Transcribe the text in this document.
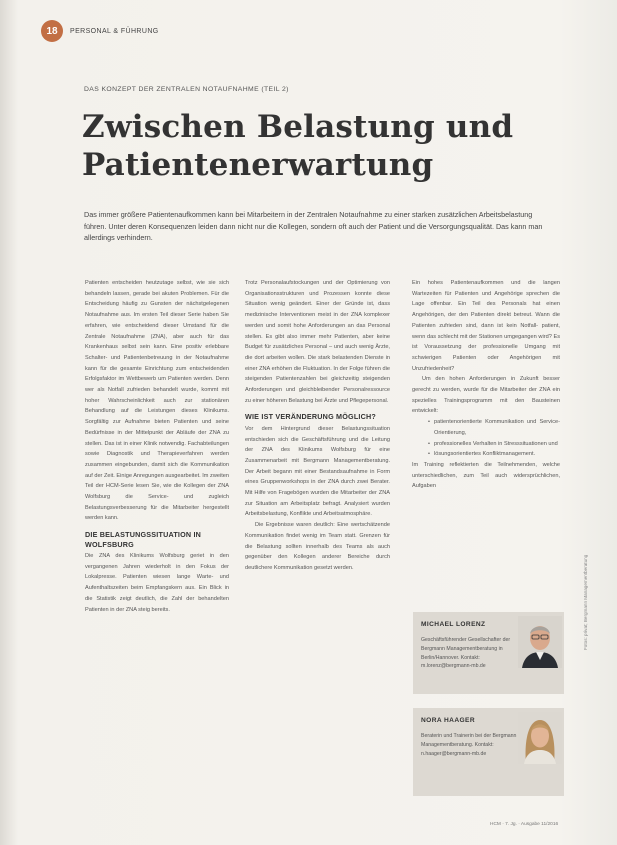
18	PERSONAL & FÜHRUNG
DAS KONZEPT DER ZENTRALEN NOTAUFNAHME (TEIL 2)
Zwischen Belastung und Patientenerwartung

Das immer größere Patientenaufkommen kann bei Mitarbeitern in der Zentralen Notaufnahme zu einer starken zusätzlichen Arbeitsbelastung führen. Unter deren Konsequenzen leiden dann nicht nur die Kollegen, sondern oft auch der Patient und die Versorgungsqualität. Das kann man allerdings verhindern.

Patienten entscheiden heutzutage selbst, wie sie sich behandeln lassen, gerade bei akuten Problemen. Für die Entscheidung häufig zu Gunsten der nächstgelegenen Notaufnahme aus. Im ersten Teil dieser Serie haben Sie erfahren, wie entscheidend dieser Umstand für die Zentrale Notaufnahme (ZNA), aber auch für das Krankenhaus selbst sein kann. Eine positiv erlebbare Schalter- und Patientenbetreuung in der Notaufnahme kann für die gesamte Einrichtung zum entscheidenden Erfolgsfaktor im Wettbewerb um Patienten werden. Denn wer als Notfall zufrieden behandelt wurde, kommt mit hoher Wahrscheinlichkeit auch zur stationären Behandlung auf die Leistungen dieses Klinikums. Sorgfältig zur Aufnahme bieten Patienten und seine Bedürfnisse in der Mittelpunkt der Abläufe der ZNA zu stellen. Das ist in einer Klinik notwendig. Fachabteilungen sowie Diagnostik und Therapieverfahren werden zusammen eingebunden, damit sich die Kommunikation auf der Zeit. Einige Anregungen ausgearbeitet. Im zweiten Teil der HCM-Serie lesen Sie, wie die Kollegen der ZNA Wolfsburg die Service- und zugleich Belastungsverbesserung für die Mitarbeiter hergestellt werden kann.

DIE BELASTUNGSSITUATION IN WOLFSBURG

Die ZNA des Klinikums Wolfsburg geriet in den vergangenen Jahren wiederholt in den Fokus der Lokalpresse. Patienten wiesen lange Warte- und Aufenthaltszeiten beim Empfangskern aus. Ein Blick in die Statistik zeigt deutlich, die Zahl der behandelten Patienten in der ZNA steig bereits.

Trotz Personalaufstockungen und der Optimierung von Organisationsstrukturen und Prozessen konnte diese Situation wenig geändert. Einer der Gründe ist, dass medizinische Interventionen meist in der ZNA komplexer werden und somit hohe Anforderungen an das Personal stellen. Es gibt also immer mehr Patienten, aber keine Budget für zusätzliches Personal – und auch wenig Ärzte, die dort arbeiten wollen. Die stark belastenden Dienste in einer ZNA erhöhen die Fluktuation. In der Folge führen die steigenden Patientenzahlen bei gleichzeitig steigenden Anforderungen und gleichbleibender Personalressource zu einer höheren Belastung bei Ärzte und Pflegepersonal.

WIE IST VERÄNDERUNG MÖGLICH?

Vor dem Hintergrund dieser Belastungssituation entschieden sich die Geschäftsführung und die Leitung der ZNA des Klinikums Wolfsburg für eine Zusammenarbeit mit Bergmann Managementberatung. Der Arbeit begann mit einer Bestandsaufnahme in Form eines Gruppenworkshops in der ZNA durch zwei Berater. Mit Hilfe von Fragebögen wurden die Mitarbeiter der ZNA zur Situation am Arbeitsplatz befragt. Analysiert wurden Arbeitsbelastung, Konflikte und Arbeitsatmosphäre.

Die Ergebnisse waren deutlich: Eine wertschätzende Kommunikation findet wenig im Team statt. Grenzen für die Belastung sollten innerhalb des Teams als auch gegenüber den Kollegen anderer Bereiche durch deutlichere Kommunikation gesetzt werden.

Ein hohes Patientenaufkommen und die langen Wartezeiten für Patienten und Angehörige sprechen die Lage offenbar. Ein Teil des Personals hat einen Angehörigen, der den Patienten direkt betreut. Wann die Patienten zufrieden sind, dann ist kein Notfall- patient, wenn das schlecht mit der Stationen umgegangen wird? Es ist Voraussetzung der professionelle Umgang mit schwierigen Patienten oder Angehörigen mit Unzufriedenheit?

Um den hohen Anforderungen in Zukunft besser gerecht zu werden, wurde für die Mitarbeiter der ZNA ein spezielles Trainingsprogramm mit den Bausteinen entwickelt:

• patientenorientierte Kommunikation und Service-Orientierung,
• professionelles Verhalten in Stresssituationen und
• lösungsorientiertes Konfliktmanagement.

Im Training reflektierten die Teilnehmenden, welche unterschiedlichen, zum Teil auch widersprüchlichen, Aufgaben

MICHAEL LORENZ
Geschäftsführender Gesellschafter der Bergmann Managementberatung in Berlin/Hannover. Kontakt: m.lorenz@bergmann-mb.de
NORA HAAGER
Beraterin und Trainerin bei der Bergmann Managementberatung. Kontakt: n.haager@bergmann-mb.de
Fotos: privat; Bergmann Managementberatung
HCM · 7. Jg. · Ausgabe 11/2016
